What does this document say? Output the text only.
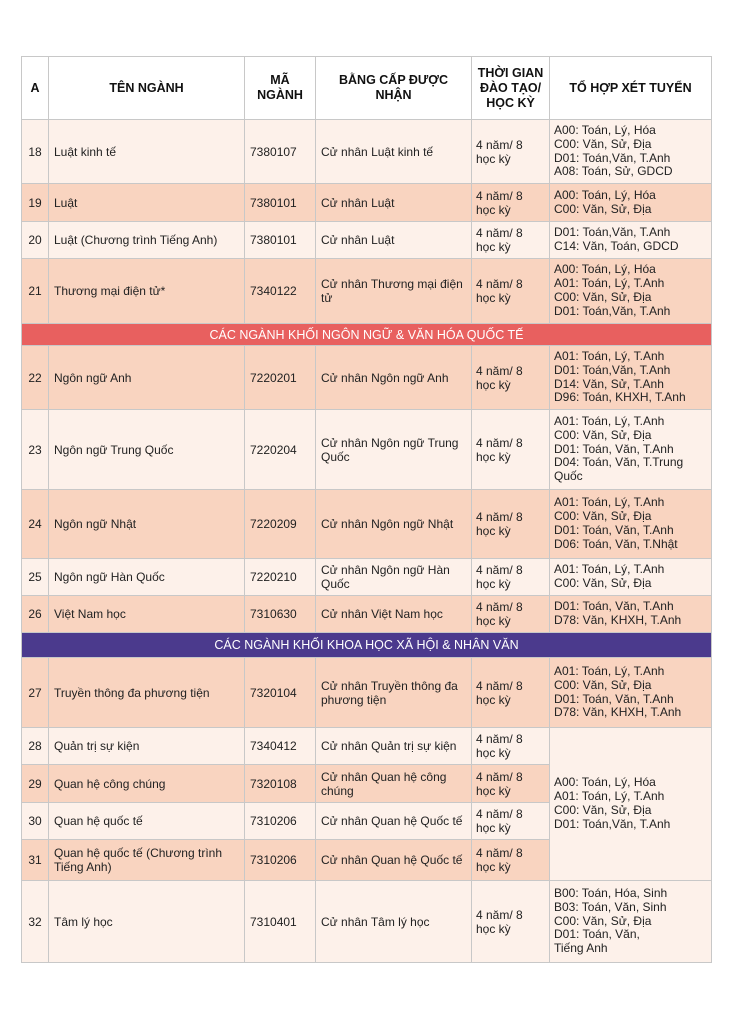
A	TÊN NGÀNH	MÃ NGÀNH	BẰNG CẤP ĐƯỢC NHẬN	THỜI GIAN ĐÀO TẠO/ HỌC KỲ	TỔ HỢP XÉT TUYỂN
18	Luật kinh tế	7380107	Cử nhân Luật kinh tế	4 năm/ 8 học kỳ	A00: Toán, Lý, Hóa
C00: Văn, Sử, Địa
D01: Toán,Văn, T.Anh
A08: Toán, Sử, GDCD

19	Luật	7380101	Cử nhân Luật	4 năm/ 8 học kỳ	A00: Toán, Lý, Hóa
C00: Văn, Sử, Địa

20	Luật (Chương trình Tiếng Anh)	7380101	Cử nhân Luật	4 năm/ 8 học kỳ	D01: Toán,Văn, T.Anh
C14: Văn, Toán, GDCD

21	Thương mại điện tử*	7340122	Cử nhân Thương mại điện tử	4 năm/ 8 học kỳ	A00: Toán, Lý, Hóa
A01: Toán, Lý, T.Anh
C00: Văn, Sử, Địa
D01: Toán,Văn, T.Anh

CÁC NGÀNH KHỐI NGÔN NGỮ & VĂN HÓA QUỐC TẾ					
22	Ngôn ngữ Anh	7220201	Cử nhân Ngôn ngữ Anh	4 năm/ 8 học kỳ	A01: Toán, Lý, T.Anh
D01: Toán,Văn, T.Anh
D14: Văn, Sử, T.Anh
D96: Toán, KHXH, T.Anh

23	Ngôn ngữ Trung Quốc	7220204	Cử nhân Ngôn ngữ Trung Quốc	4 năm/ 8 học kỳ	A01: Toán, Lý, T.Anh
C00: Văn, Sử, Địa
D01: Toán, Văn, T.Anh
D04: Toán, Văn, T.Trung Quốc

24	Ngôn ngữ Nhật	7220209	Cử nhân Ngôn ngữ Nhật	4 năm/ 8 học kỳ	A01: Toán, Lý, T.Anh
C00: Văn, Sử, Địa
D01: Toán, Văn, T.Anh
D06: Toán, Văn, T.Nhật

25	Ngôn ngữ Hàn Quốc	7220210	Cử nhân Ngôn ngữ Hàn Quốc	4 năm/ 8 học kỳ	A01: Toán, Lý, T.Anh
C00: Văn, Sử, Địa

26	Việt Nam học	7310630	Cử nhân Việt Nam học	4 năm/ 8 học kỳ	D01: Toán, Văn, T.Anh
D78: Văn, KHXH, T.Anh

CÁC NGÀNH KHỐI KHOA HỌC XÃ HỘI & NHÂN VĂN					
27	Truyền thông đa phương tiện	7320104	Cử nhân Truyền thông đa phương tiện	4 năm/ 8 học kỳ	A01: Toán, Lý, T.Anh
C00: Văn, Sử, Địa
D01: Toán, Văn, T.Anh
D78: Văn, KHXH, T.Anh

28	Quản trị sự kiện	7340412	Cử nhân Quản trị sự kiện	4 năm/ 8 học kỳ	A00: Toán, Lý, Hóa
A01: Toán, Lý, T.Anh
C00: Văn, Sử, Địa
D01: Toán,Văn, T.Anh

29	Quan hệ công chúng	7320108	Cử nhân Quan hệ công chúng	4 năm/ 8 học kỳ	
30	Quan hệ quốc tế	7310206	Cử nhân Quan hệ Quốc tế	4 năm/ 8 học kỳ	
31	Quan hệ quốc tế (Chương trình Tiếng Anh)	7310206	Cử nhân Quan hệ Quốc tế	4 năm/ 8 học kỳ	
32	Tâm lý học	7310401	Cử nhân Tâm lý học	4 năm/ 8 học kỳ	B00: Toán, Hóa, Sinh
B03: Toán, Văn, Sinh
C00: Văn, Sử, Địa
D01: Toán, Văn,
Tiếng Anh
